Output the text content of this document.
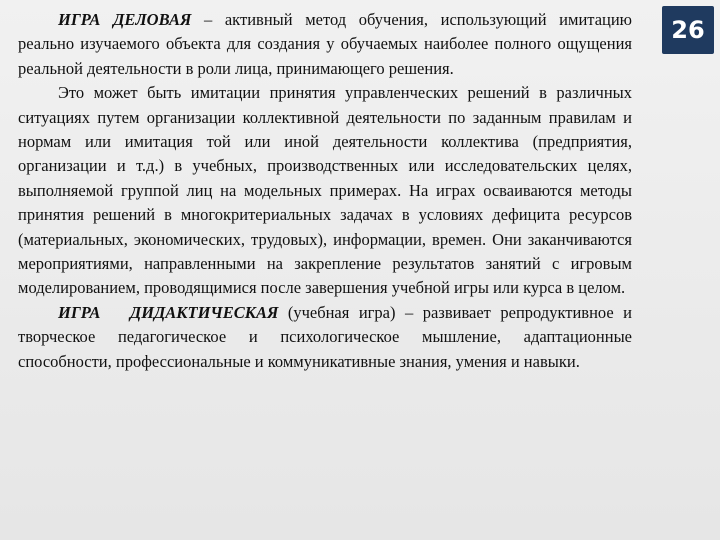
ИГРА ДЕЛОВАЯ – активный метод обучения, использующий имитацию реально изучаемого объекта для создания у обучаемых наиболее полного ощущения реальной деятельности в роли лица, принимающего решения.

Это может быть имитации принятия управленческих решений в различных ситуациях путем организации коллективной деятельности по заданным правилам и нормам или имитация той или иной деятельности коллектива (предприятия, организации и т.д.) в учебных, производственных или исследовательских целях, выполняемой группой лиц на модельных примерах. На играх осваиваются методы принятия решений в многокритериальных задачах в условиях дефицита ресурсов (материальных, экономических, трудовых), информации, времен. Они заканчиваются мероприятиями, направленными на закрепление результатов занятий с игровым моделированием, проводящимися после завершения учебной игры или курса в целом.

ИГРА ДИДАКТИЧЕСКАЯ (учебная игра) – развивает репродуктивное и творческое педагогическое и психологическое мышление, адаптационные способности, профессиональные и коммуникативные знания, умения и навыки.

26
